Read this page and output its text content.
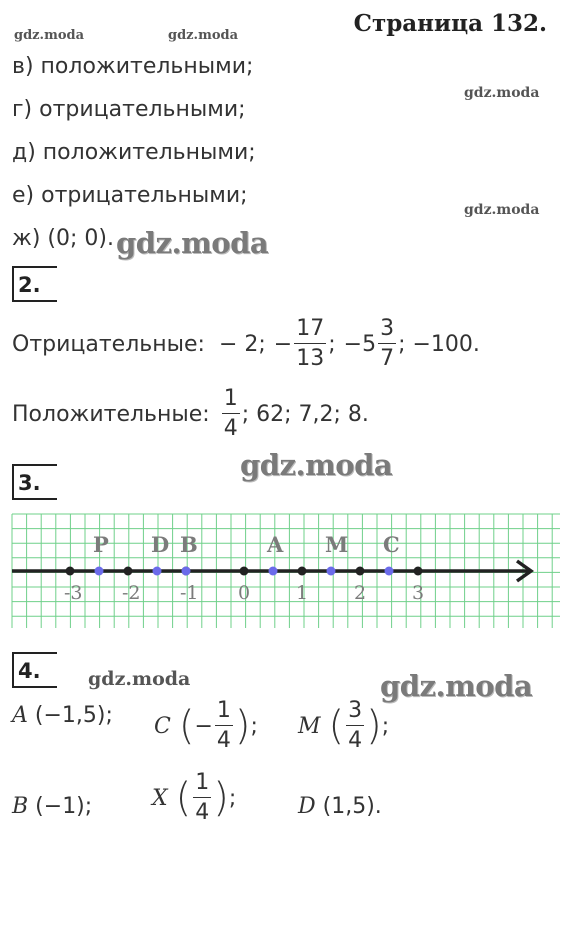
Страница 132.
gdz.moda	gdz.moda
gdz.moda
gdz.moda
gdz.moda
gdz.moda
gdz.moda	gdz.moda
в) положительными;
г) отрицательными;
д) положительными;
е) отрицательными;
ж) (0; 0).
2.
Отрицательные: − 2; − $\frac{17}{13}$ ; $-5 \frac{3}{7}$ ; −100.
Положительные: $\frac{1}{4}$ ; 62; 7,2; 8.
3.
-3 -2 -1 0 1 2 3
P D B	A M C
4.
A (−1,5); C ( − $\frac{1}{4}$ ) ; M ( $\frac{3}{4}$ ) ;
B (−1);	X ( $\frac{1}{4}$ ) ;	D (1,5).
